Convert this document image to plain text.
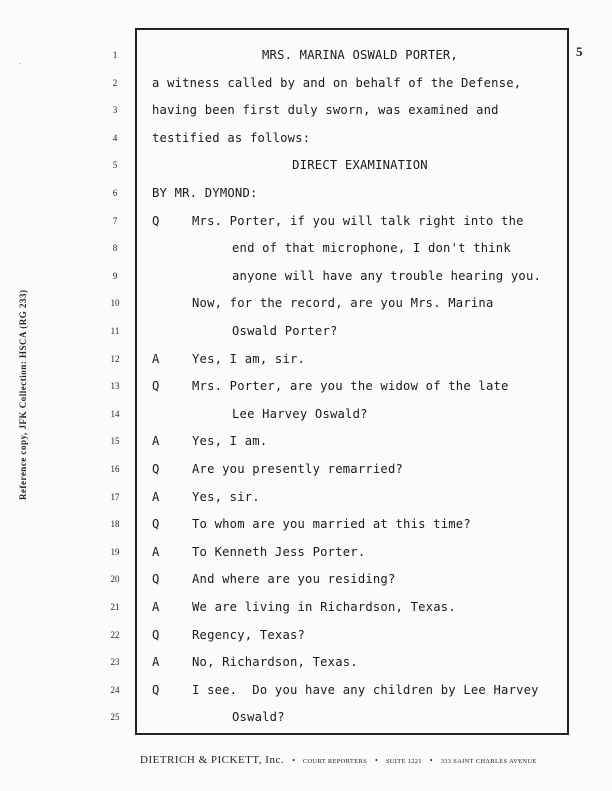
·
Reference copy, JFK Collection: HSCA (RG 233)
5
1
2
3
4
5
6
7
8
9
10
11
12
13
14
15
16
17
18
19
20
21
22
23
24
25
MRS. MARINA OSWALD PORTER,
a witness called by and on behalf of the Defense,
having been first duly sworn, was examined and
testified as follows:
DIRECT EXAMINATION
BY MR. DYMOND:
Q	Mrs. Porter, if you will talk right into the
end of that microphone, I don't think
anyone will have any trouble hearing you.
Now, for the record, are you Mrs. Marina
Oswald Porter?
A	Yes, I am, sir.
Q	Mrs. Porter, are you the widow of the late
Lee Harvey Oswald?
A	Yes, I am.
Q	Are you presently remarried?
A	Yes, sir.
Q	To whom are you married at this time?
A	To Kenneth Jess Porter.
Q	And where are you residing?
A	We are living in Richardson, Texas.
Q	Regency, Texas?
A	No, Richardson, Texas.
Q	I see.  Do you have any children by Lee Harvey
Oswald?
DIETRICH & PICKETT, Inc. • COURT REPORTERS • SUITE 1221 • 333 SAINT CHARLES AVENUE
